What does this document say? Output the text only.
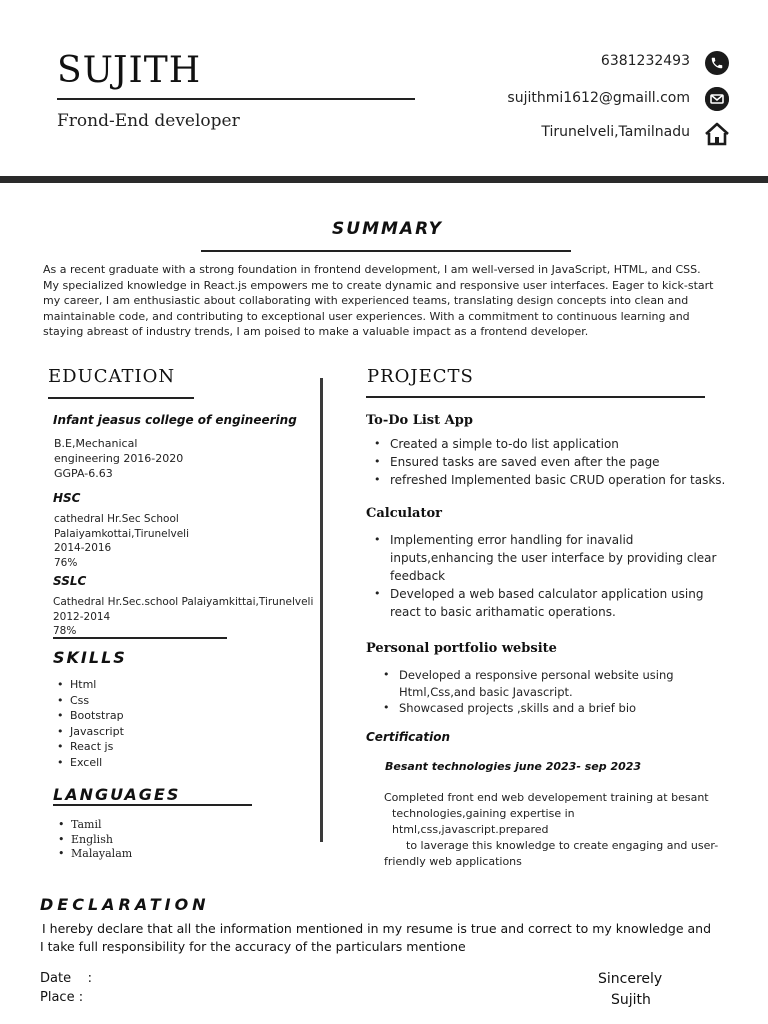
SUJITH
Frond-End developer
6381232493
sujithmi1612@gmaill.com
Tirunelveli,Tamilnadu
SUMMARY
As a recent graduate with a strong foundation in frontend development, I am well-versed in JavaScript, HTML, and CSS.
My specialized knowledge in React.js empowers me to create dynamic and responsive user interfaces. Eager to kick-start
my career, I am enthusiastic about collaborating with experienced teams, translating design concepts into clean and
maintainable code, and contributing to exceptional user experiences. With a commitment to continuous learning and
staying abreast of industry trends, I am poised to make a valuable impact as a frontend developer.
EDUCATION
Infant jeasus college of engineering
B.E,Mechanical
engineering 2016-2020
GGPA-6.63
HSC
cathedral Hr.Sec School
Palaiyamkottai,Tirunelveli
2014-2016
76%
SSLC
Cathedral Hr.Sec.school Palaiyamkittai,Tirunelveli
2012-2014
78%
SKILLS
• Html
• Css
• Bootstrap
• Javascript
• React js
• Excell
LANGUAGES
• Tamil
• English
• Malayalam
PROJECTS
To-Do List App
• Created a simple to-do list application
• Ensured tasks are saved even after the page
• refreshed Implemented basic CRUD operation for tasks.
Calculator
• Implementing error handling for inavalid inputs,enhancing the user interface by providing clear feedback
• Developed a web based calculator application using react to basic arithamatic operations.
Personal portfolio website
• Developed a responsive personal website using Html,Css,and basic Javascript.
• Showcased projects ,skills and a brief bio
Certification
Besant technologies june 2023- sep 2023
Completed front end web developement training at besant
technologies,gaining expertise in html,css,javascript.prepared
to laverage this knowledge to create engaging and user-
friendly web applications
DECLARATION
I hereby declare that all the information mentioned in my resume is true and correct to my knowledge and
I take full responsibility for the accuracy of the particulars mentione
Date    :
Place :
Sincerely
Sujith
